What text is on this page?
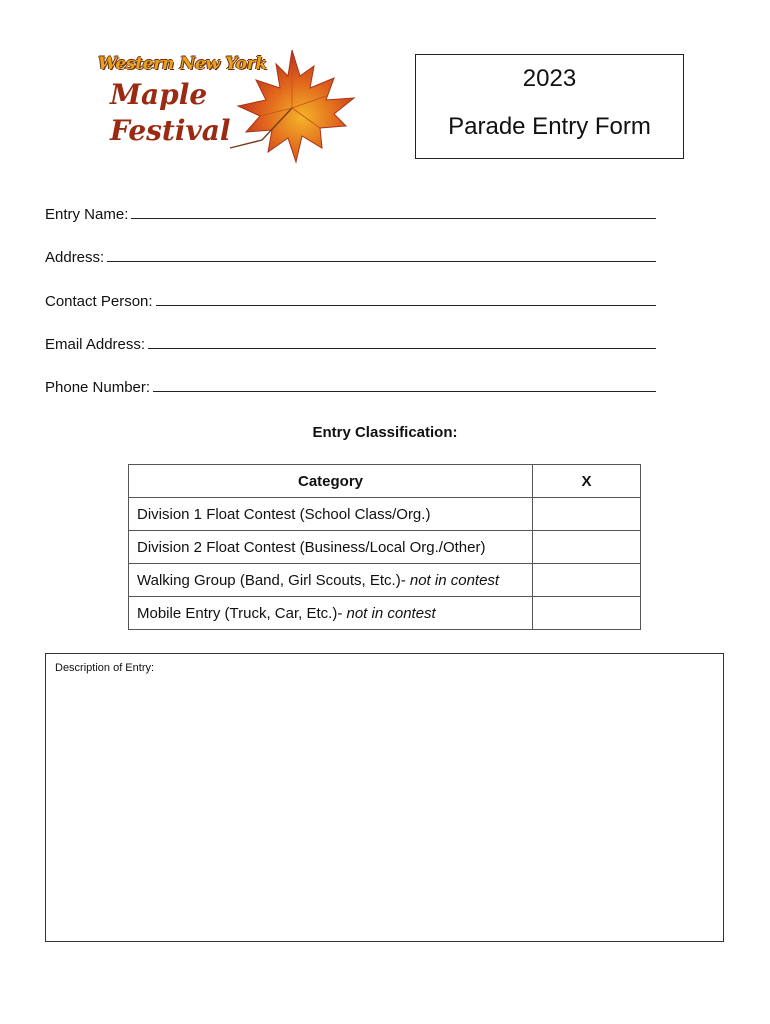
Western New York
Maple
Festival
2023
Parade Entry Form
Entry Name:
Address:
Contact Person:
Email Address:
Phone Number:
Entry Classification:
Category	X
Division 1 Float Contest (School Class/Org.)	
Division 2 Float Contest (Business/Local Org./Other)	
Walking Group (Band, Girl Scouts, Etc.)- not in contest	
Mobile Entry (Truck, Car, Etc.)- not in contest	
Description of Entry:
